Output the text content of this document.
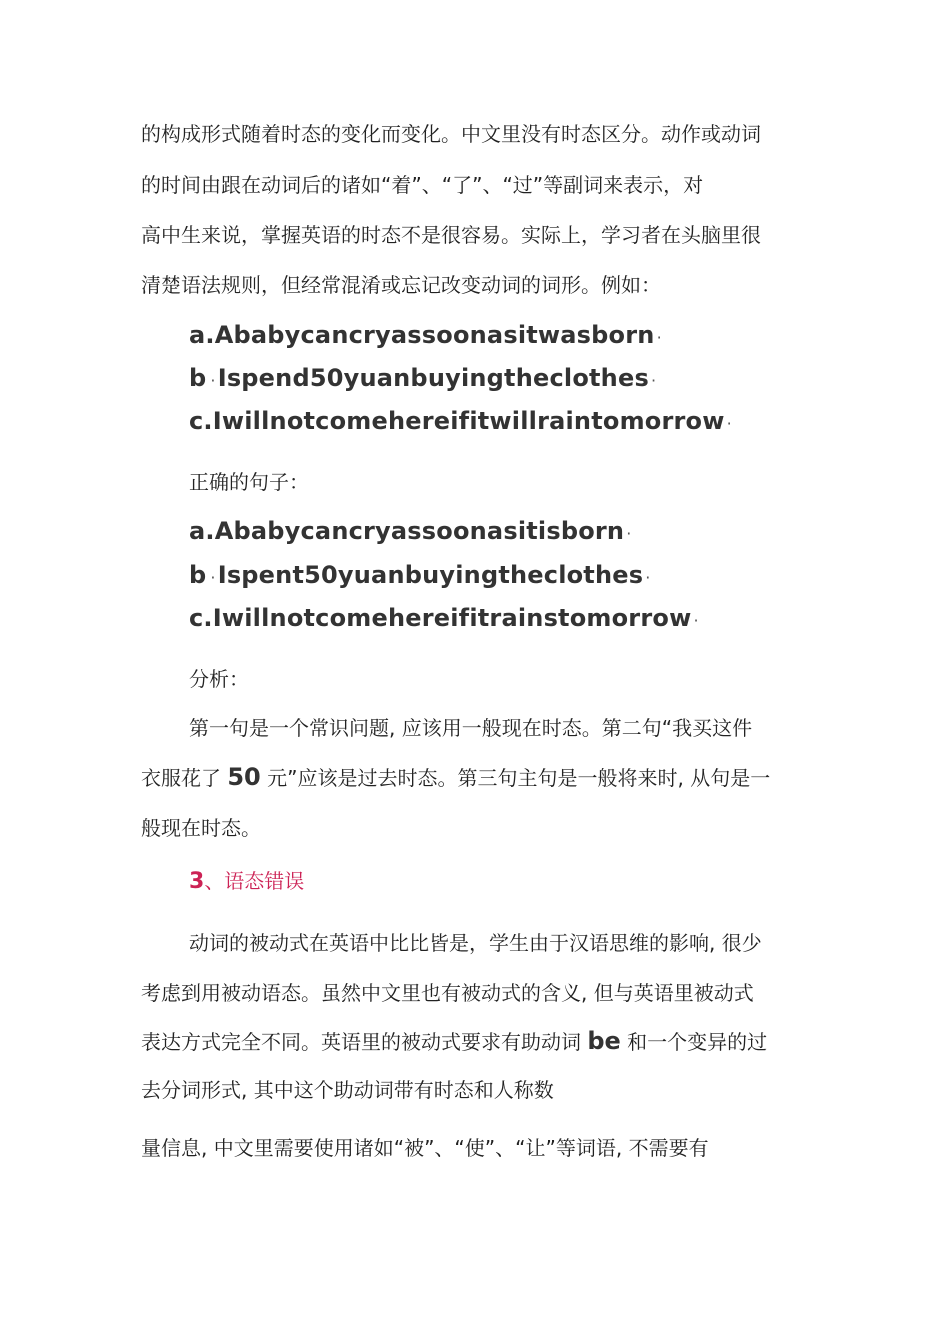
的构成形式随着时态的变化而变化。中文里没有时态区分。动作或动词
的时间由跟在动词后的诸如“着”、“了”、“过”等副词来表示，对
高中生来说，掌握英语的时态不是很容易。实际上，学习者在头脑里很
清楚语法规则，但经常混淆或忘记改变动词的词形。例如：
a.Ababycancryassoonasitwasborn ·
b ·Ispend50yuanbuyingtheclothes ·
c.Iwillnotcomehereifitwillraintomorrow ·
正确的句子：
a.Ababycancryassoonasitisborn ·
b ·Ispent50yuanbuyingtheclothes ·
c.Iwillnotcomehereifitrainstomorrow ·
分析：
第一句是一个常识问题, 应该用一般现在时态。第二句“我买这件
衣服花了 50 元”应该是过去时态。第三句主句是一般将来时, 从句是一
般现在时态。
3、语态错误
动词的被动式在英语中比比皆是，学生由于汉语思维的影响, 很少
考虑到用被动语态。虽然中文里也有被动式的含义, 但与英语里被动式
表达方式完全不同。英语里的被动式要求有助动词 be 和一个变异的过
去分词形式, 其中这个助动词带有时态和人称数
量信息, 中文里需要使用诸如“被”、“使”、“让”等词语, 不需要有
